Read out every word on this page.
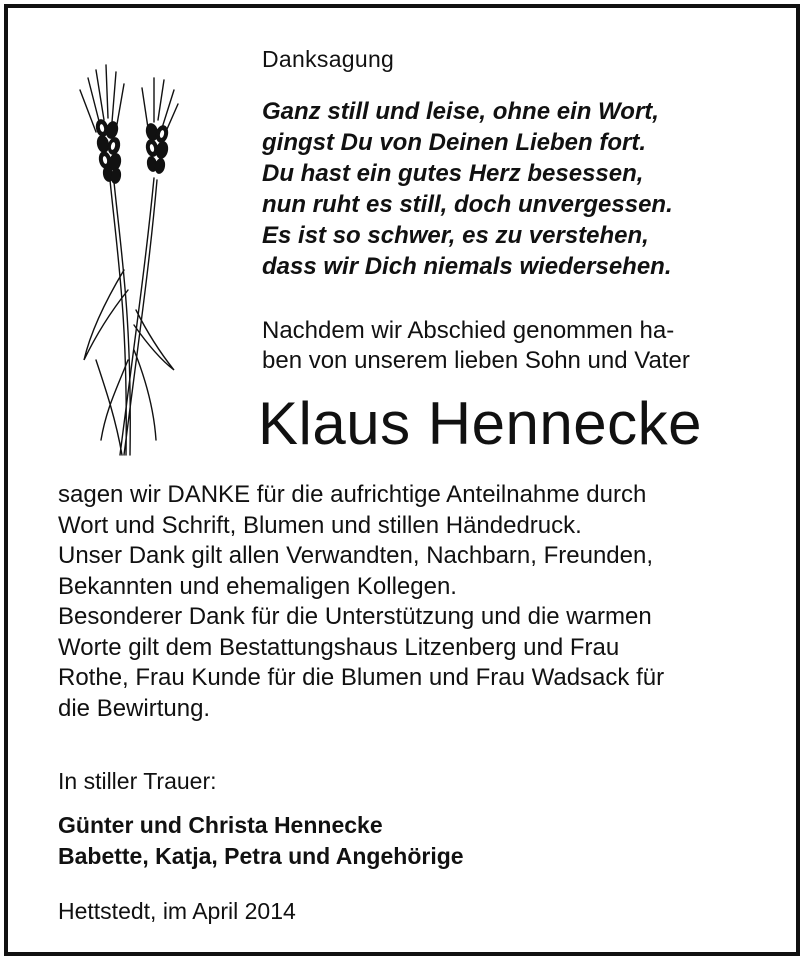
Danksagung
Ganz still und leise, ohne ein Wort,
gingst Du von Deinen Lieben fort.
Du hast ein gutes Herz besessen,
nun ruht es still, doch unvergessen.
Es ist so schwer, es zu verstehen,
dass wir Dich niemals wiedersehen.
Nachdem wir Abschied genommen ha-
ben von unserem lieben Sohn und Vater
Klaus Hennecke
sagen wir DANKE für die aufrichtige Anteilnahme durch
Wort und Schrift, Blumen und stillen Händedruck.
Unser Dank gilt allen Verwandten, Nachbarn, Freunden,
Bekannten und ehemaligen Kollegen.
Besonderer Dank für die Unterstützung und die warmen
Worte gilt dem Bestattungshaus Litzenberg und Frau
Rothe, Frau Kunde für die Blumen und Frau Wadsack für
die Bewirtung.
In stiller Trauer:
Günter und Christa Hennecke
Babette, Katja, Petra und Angehörige
Hettstedt, im April 2014
